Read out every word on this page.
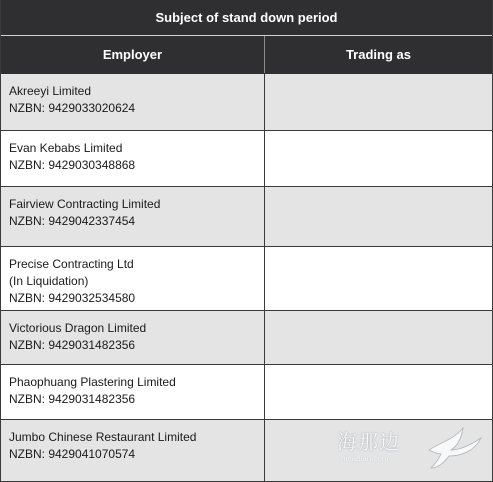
Subject of stand down period
Employer	Trading as
Akreeyi Limited
NZBN: 9429033020624
Evan Kebabs Limited
NZBN: 9429030348868
Fairview Contracting Limited
NZBN: 9429042337454
Precise Contracting Ltd
(In Liquidation)
NZBN: 9429032534580
Victorious Dragon Limited
NZBN: 9429031482356
Phaophuang Plastering Limited
NZBN: 9429031482356
Jumbo Chinese Restaurant Limited
NZBN: 9429041070574	海那边
hinabian.com
